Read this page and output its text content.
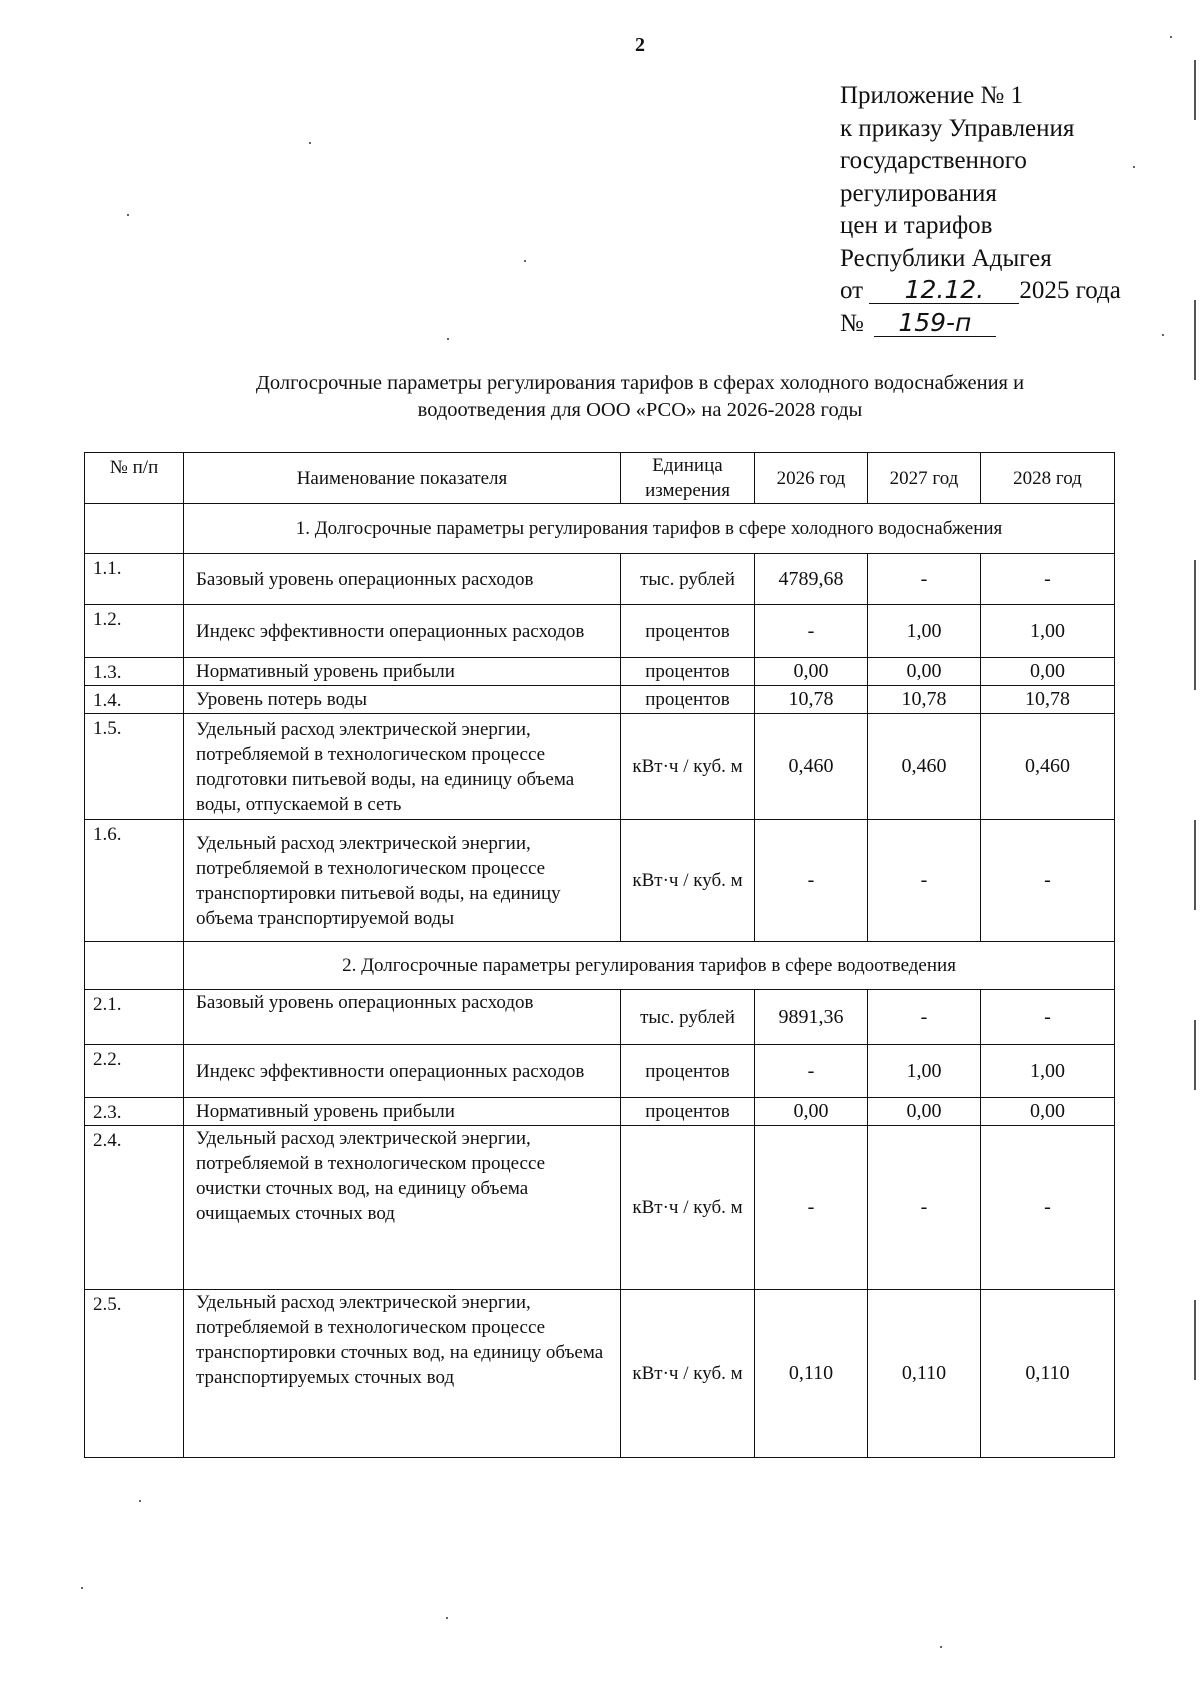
2
Приложение № 1
к приказу Управления
государственного
регулирования
цен и тарифов
Республики Адыгея
от 12.12. 2025 года
№ 159-п
Долгосрочные параметры регулирования тарифов в сферах холодного водоснабжения и
водоотведения для ООО «РСО» на 2026-2028 годы
№ п/п	Наименование показателя	Единица измерения	2026 год	2027 год	2028 год
	1. Долгосрочные параметры регулирования тарифов в сфере холодного водоснабжения				
1.1.	Базовый уровень операционных расходов	тыс. рублей	4789,68	-	-
1.2.	Индекс эффективности операционных расходов	процентов	-	1,00	1,00
1.3.	Нормативный уровень прибыли	процентов	0,00	0,00	0,00
1.4.	Уровень потерь воды	процентов	10,78	10,78	10,78
1.5.	Удельный расход электрической энергии, потребляемой в технологическом процессе подготовки питьевой воды, на единицу объема воды, отпускаемой в сеть	кВт·ч / куб. м	0,460	0,460	0,460
1.6.	Удельный расход электрической энергии, потребляемой в технологическом процессе транспортировки питьевой воды, на единицу объема транспортируемой воды	кВт·ч / куб. м	-	-	-
	2. Долгосрочные параметры регулирования тарифов в сфере водоотведения				
2.1.	Базовый уровень операционных расходов	тыс. рублей	9891,36	-	-
2.2.	Индекс эффективности операционных расходов	процентов	-	1,00	1,00
2.3.	Нормативный уровень прибыли	процентов	0,00	0,00	0,00
2.4.	Удельный расход электрической энергии, потребляемой в технологическом процессе очистки сточных вод, на единицу объема очищаемых сточных вод	кВт·ч / куб. м	-	-	-
2.5.	Удельный расход электрической энергии, потребляемой в технологическом процессе транспортировки сточных вод, на единицу объема транспортируемых сточных вод	кВт·ч / куб. м	0,110	0,110	0,110
